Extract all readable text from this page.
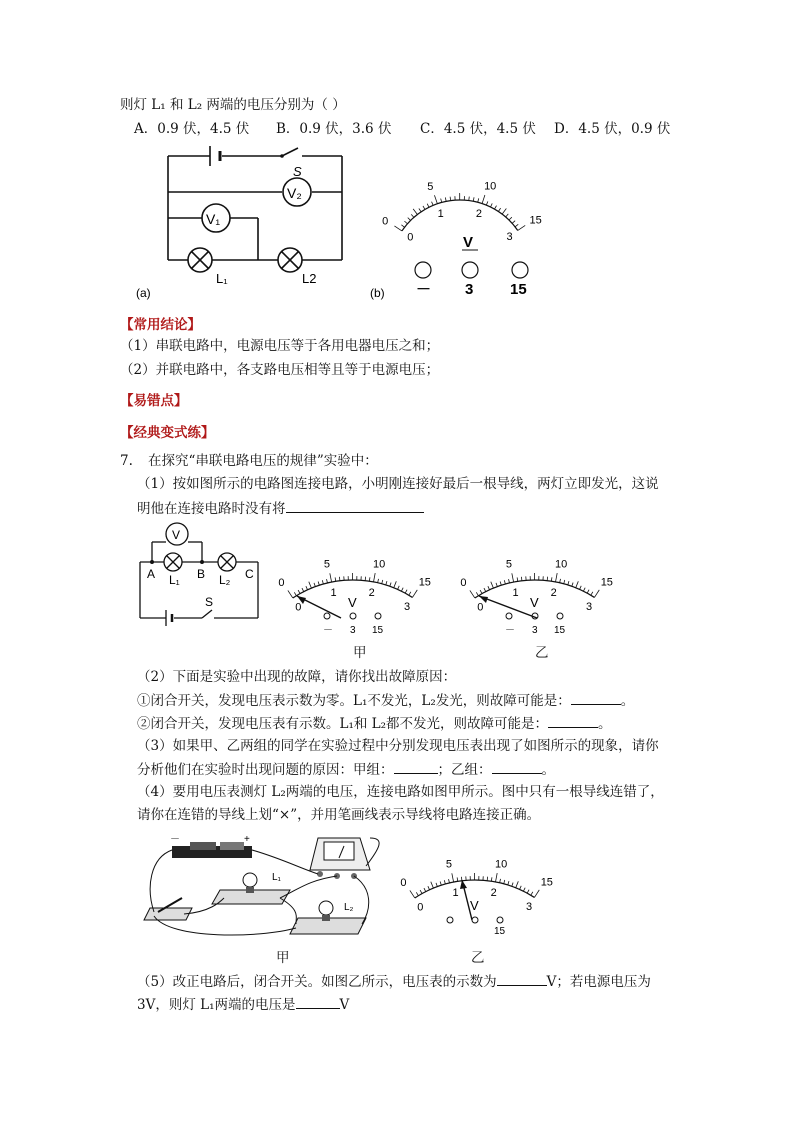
则灯 L₁ 和 L₂ 两端的电压分别为（ ）
A．0.9 伏，4.5 伏 B．0.9 伏，3.6 伏 C．4.5 伏，4.5 伏 D．4.5 伏，0.9 伏
S
V₂
V₁
L₁	L2
(a)
0
5	10
15
0
1	2
3
V
－ 3 15
(b)
【常用结论】
（1）串联电路中，电源电压等于各用电器电压之和；
（2）并联电路中，各支路电压相等且等于电源电压；
【易错点】
【经典变式练】
7. 在探究“串联电路电压的规律”实验中：
（1）按如图所示的电路图连接电路，小明刚连接好最后一根导线，两灯立即发光，这说
明他在连接电路时没有将
V
A	B	C
L₁	L₂
S
0
5	10
15
0
1	2
3
V
－ 3 15
0
5	10
15
0
1	2
3
V
－ 3 15
甲	乙
（2）下面是实验中出现的故障，请你找出故障原因：
①闭合开关，发现电压表示数为零。L₁不发光，L₂发光，则故障可能是：	。
②闭合开关，发现电压表有示数。L₁和 L₂都不发光，则故障可能是：	。
（3）如果甲、乙两组的同学在实验过程中分别发现电压表出现了如图所示的现象，请你
分析他们在实验时出现问题的原因：甲组：	；乙组：	。
（4）要用电压表测灯 L₂两端的电压，连接电路如图甲所示。图中只有一根导线连错了，
请你在连错的导线上划“×”，并用笔画线表示导线将电路连接正确。
－	+
L₁
L₂
0
5	10
15
0
1	2
3
V
15
甲	乙
（5）改正电路后，闭合开关。如图乙所示，电压表的示数为	V；若电源电压为
3V，则灯 L₁两端的电压是	V
